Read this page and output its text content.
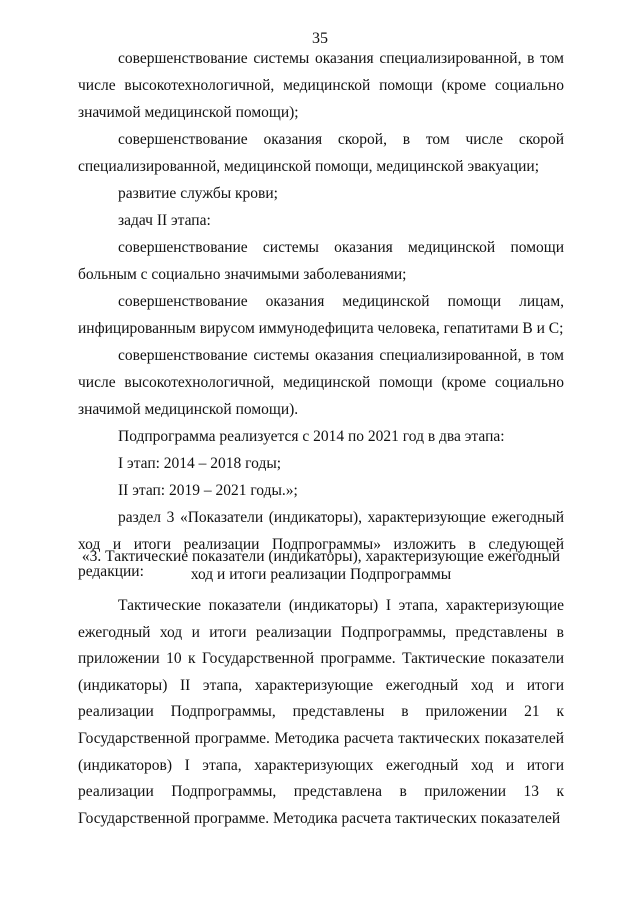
35

совершенствование системы оказания специализированной, в том числе высокотехнологичной, медицинской помощи (кроме социально значимой медицинской помощи);

совершенствование оказания скорой, в том числе скорой специализированной, медицинской помощи, медицинской эвакуации;

развитие службы крови;

задач II этапа:

совершенствование системы оказания медицинской помощи больным с социально значимыми заболеваниями;

совершенствование оказания медицинской помощи лицам, инфицированным вирусом иммунодефицита человека, гепатитами B и C;

совершенствование системы оказания специализированной, в том числе высокотехнологичной, медицинской помощи (кроме социально значимой медицинской помощи).

Подпрограмма реализуется с 2014 по 2021 год в два этапа:

I этап: 2014 – 2018 годы;

II этап: 2019 – 2021 годы.»;

раздел 3 «Показатели (индикаторы), характеризующие ежегодный ход и итоги реализации Подпрограммы» изложить в следующей редакции:

«3. Тактические показатели (индикаторы), характеризующие ежегодный
ход и итоги реализации Подпрограммы

Тактические показатели (индикаторы) I этапа, характеризующие ежегодный ход и итоги реализации Подпрограммы, представлены в приложении 10 к Государственной программе. Тактические показатели (индикаторы) II этапа, характеризующие ежегодный ход и итоги реализации Подпрограммы, представлены в приложении 21 к Государственной программе. Методика расчета тактических показателей (индикаторов) I этапа, характеризующих ежегодный ход и итоги реализации Подпрограммы, представлена в приложении 13 к Государственной программе. Методика расчета тактических показателей
